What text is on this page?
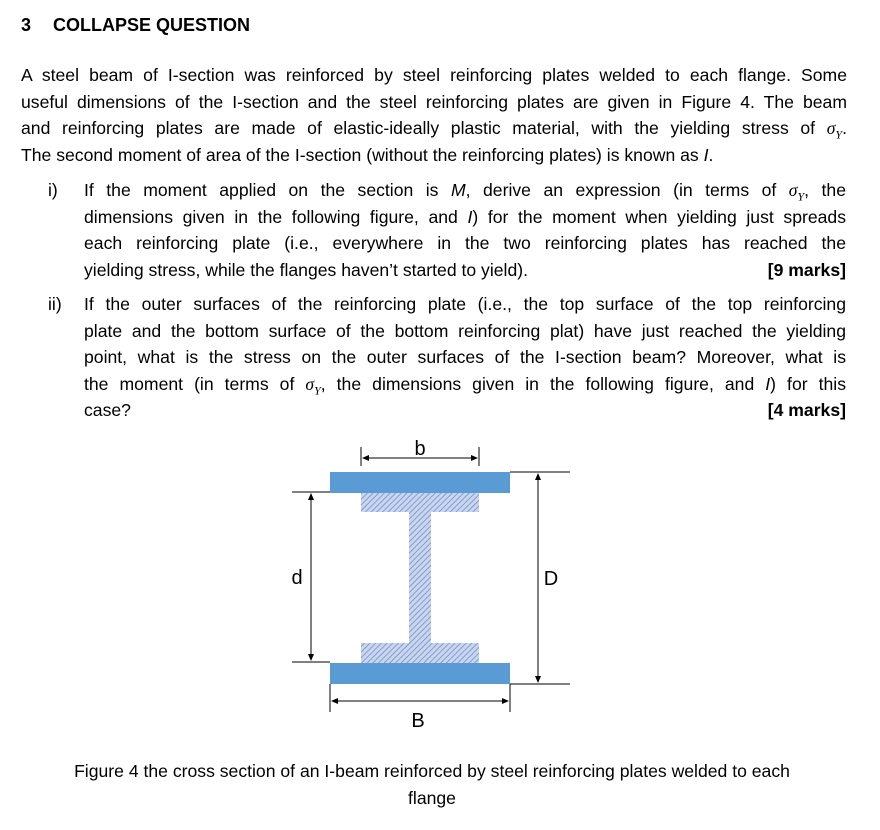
3 COLLAPSE QUESTION
A steel beam of I-section was reinforced by steel reinforcing plates welded to each flange. Some
useful dimensions of the I-section and the steel reinforcing plates are given in Figure 4. The beam
and reinforcing plates are made of elastic-ideally plastic material, with the yielding stress of $\sigma_Y$.
The second moment of area of the I-section (without the reinforcing plates) is known as I.
i) If the moment applied on the section is M, derive an expression (in terms of $\sigma_Y$, the
dimensions given in the following figure, and I) for the moment when yielding just spreads
each reinforcing plate (i.e., everywhere in the two reinforcing plates has reached the
yielding stress, while the flanges haven’t started to yield).	[9 marks]
ii) If the outer surfaces of the reinforcing plate (i.e., the top surface of the top reinforcing
plate and the bottom surface of the bottom reinforcing plat) have just reached the yielding
point, what is the stress on the outer surfaces of the I-section beam? Moreover, what is
the moment (in terms of $\sigma_Y$, the dimensions given in the following figure, and I) for this
case?	[4 marks]
b
d	D
B
Figure 4 the cross section of an I-beam reinforced by steel reinforcing plates welded to each
flange
